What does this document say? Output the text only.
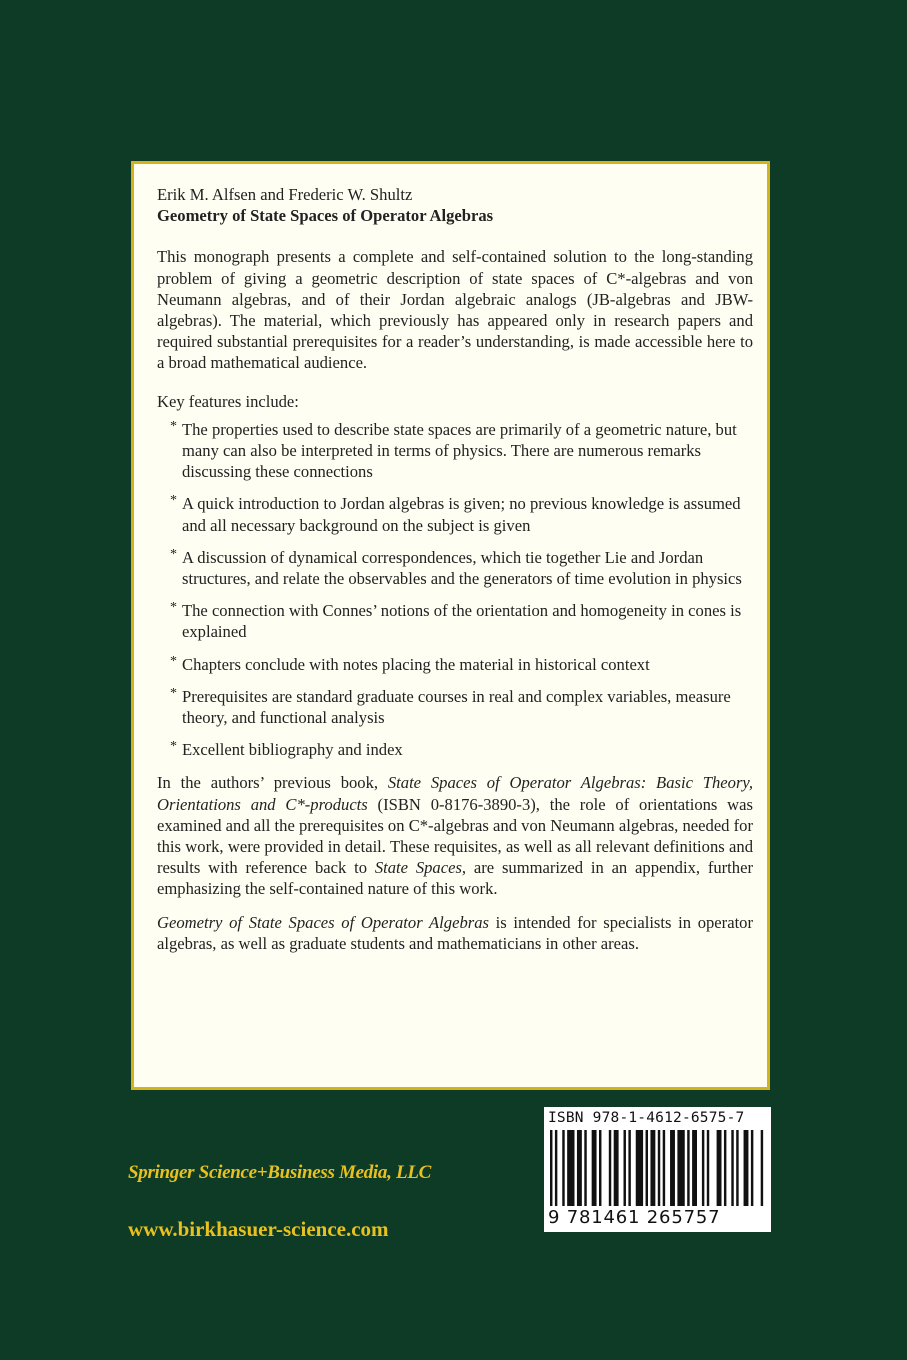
Erik M. Alfsen and Frederic W. Shultz

Geometry of State Spaces of Operator Algebras

This monograph presents a complete and self-contained solution to the long-standing problem of giving a geometric description of state spaces of C*-algebras and von Neumann algebras, and of their Jordan algebraic analogs (JB-algebras and JBW-algebras). The material, which previously has appeared only in research papers and required substantial prerequisites for a reader’s understanding, is made accessible here to a broad mathematical audience.

Key features include:

* The properties used to describe state spaces are primarily of a geometric nature, but many can also be interpreted in terms of physics. There are numerous remarks discussing these connections
* A quick introduction to Jordan algebras is given; no previous knowledge is assumed and all necessary background on the subject is given
* A discussion of dynamical correspondences, which tie together Lie and Jordan structures, and relate the observables and the generators of time evolution in physics
* The connection with Connes’ notions of the orientation and homogeneity in cones is explained
* Chapters conclude with notes placing the material in historical context
* Prerequisites are standard graduate courses in real and complex variables, measure theory, and functional analysis
* Excellent bibliography and index

In the authors’ previous book, State Spaces of Operator Algebras: Basic Theory, Orientations and C*-products (ISBN 0-8176-3890-3), the role of orientations was examined and all the prerequisites on C*-algebras and von Neumann algebras, needed for this work, were provided in detail. These requisites, as well as all relevant definitions and results with reference back to State Spaces, are summarized in an appendix, further emphasizing the self-contained nature of this work.

Geometry of State Spaces of Operator Algebras is intended for specialists in operator algebras, as well as graduate students and mathematicians in other areas.

Springer Science+Business Media, LLC
www.birkhasuer-science.com
ISBN 978-1-4612-6575-7
9 781461 265757
